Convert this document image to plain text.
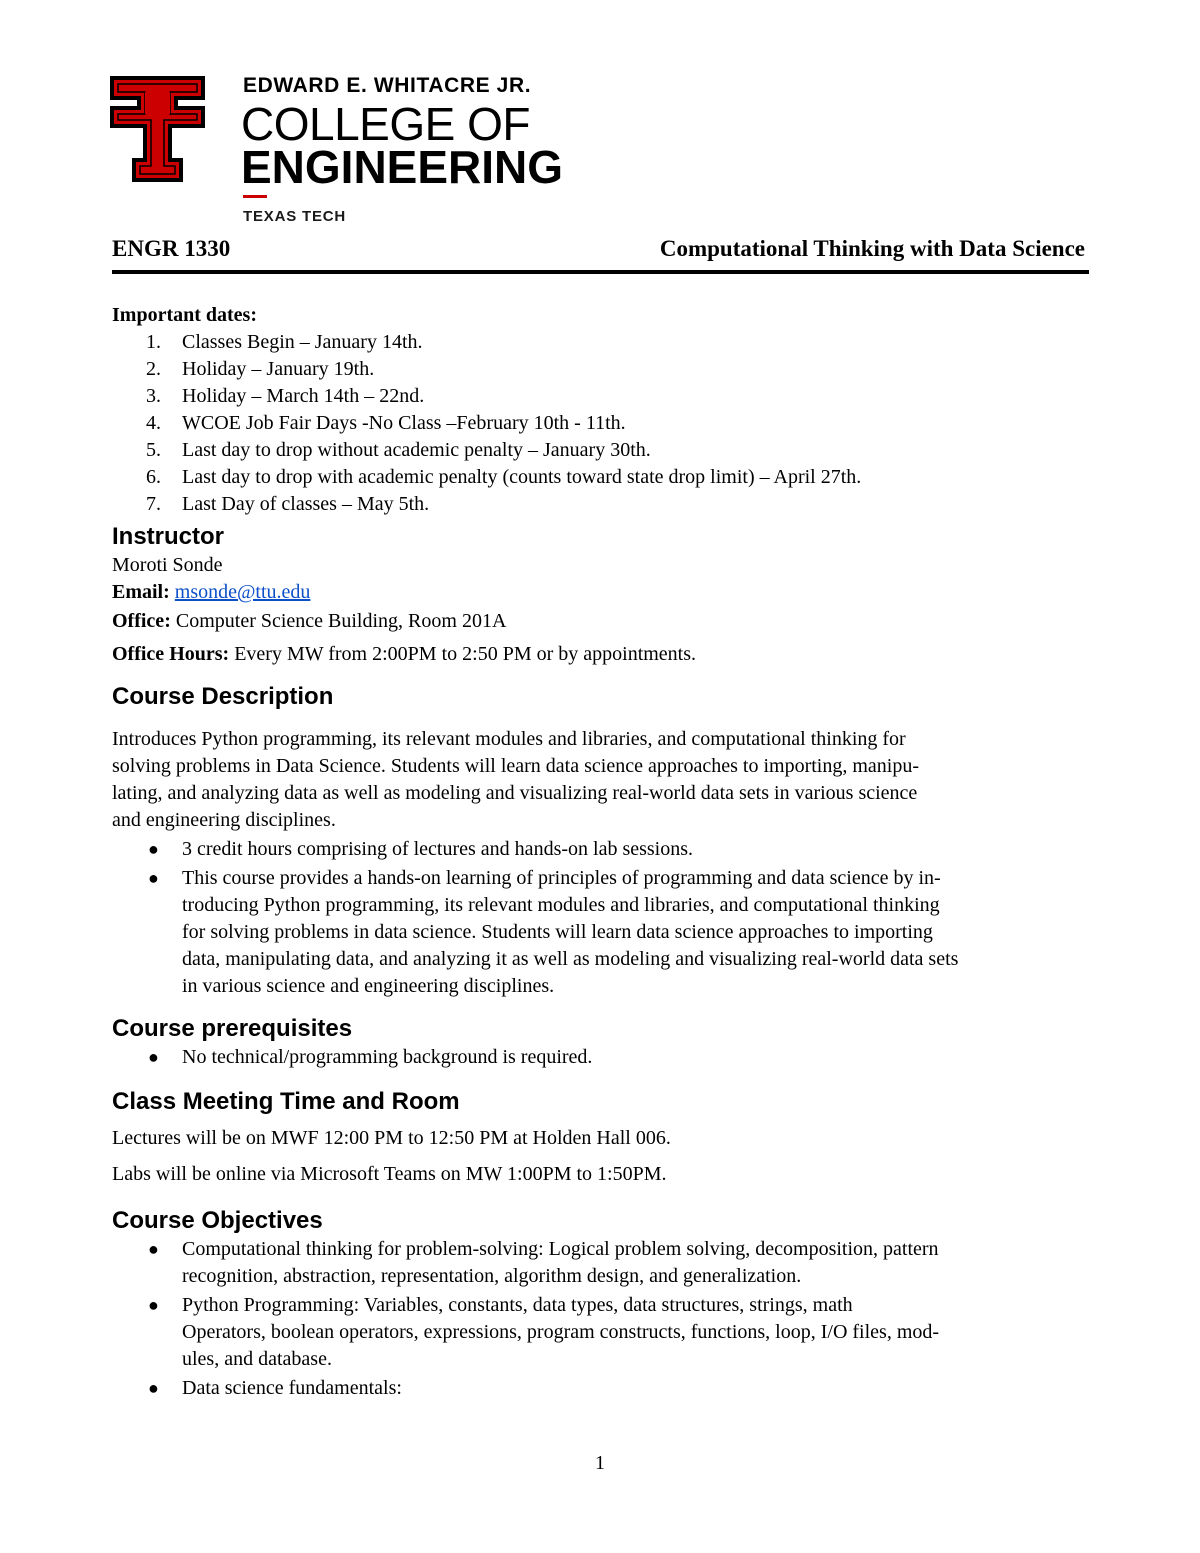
EDWARD E. WHITACRE JR.
COLLEGE OF
ENGINEERING
TEXAS TECH
ENGR 1330	Computational Thinking with Data Science
Important dates:
1. Classes Begin – January 14th.
2. Holiday – January 19th.
3. Holiday – March 14th – 22nd.
4. WCOE Job Fair Days -No Class –February 10th - 11th.
5. Last day to drop without academic penalty – January 30th.
6. Last day to drop with academic penalty (counts toward state drop limit) – April 27th.
7. Last Day of classes – May 5th.
Instructor
Moroti Sonde
Email: msonde@ttu.edu
Office: Computer Science Building, Room 201A
Office Hours: Every MW from 2:00PM to 2:50 PM or by appointments.
Course Description
Introduces Python programming, its relevant modules and libraries, and computational thinking for
solving problems in Data Science. Students will learn data science approaches to importing, manipu-
lating, and analyzing data as well as modeling and visualizing real-world data sets in various science
and engineering disciplines.
● 3 credit hours comprising of lectures and hands-on lab sessions.
● This course provides a hands-on learning of principles of programming and data science by in-
troducing Python programming, its relevant modules and libraries, and computational thinking
for solving problems in data science. Students will learn data science approaches to importing
data, manipulating data, and analyzing it as well as modeling and visualizing real-world data sets
in various science and engineering disciplines.
Course prerequisites
● No technical/programming background is required.
Class Meeting Time and Room
Lectures will be on MWF 12:00 PM to 12:50 PM at Holden Hall 006.
Labs will be online via Microsoft Teams on MW 1:00PM to 1:50PM.
Course Objectives
● Computational thinking for problem-solving: Logical problem solving, decomposition, pattern
recognition, abstraction, representation, algorithm design, and generalization.
● Python Programming: Variables, constants, data types, data structures, strings, math
Operators, boolean operators, expressions, program constructs, functions, loop, I/O files, mod-
ules, and database.
● Data science fundamentals:
1
